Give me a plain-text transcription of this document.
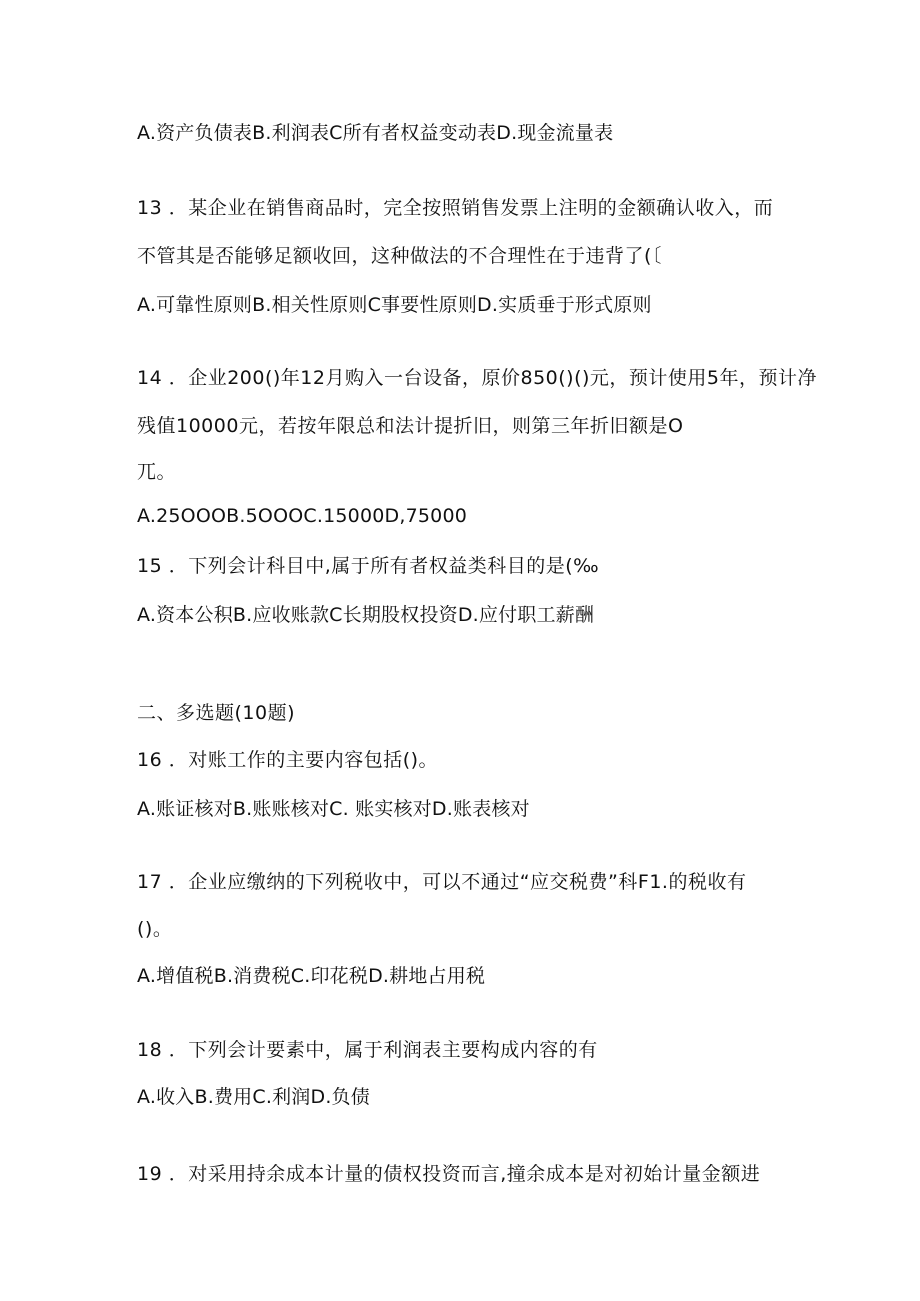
A.资产负债表B.利润表C所有者权益变动表D.现金流量表
13 ．某企业在销售商品时，完全按照销售发票上注明的金额确认收入，而
不管其是否能够足额收回，这种做法的不合理性在于违背了(〔
A.可靠性原则B.相关性原则C事要性原则D.实质垂于形式原则
14 ．企业200()年12月购入一台设备，原价850()()元，预计使用5年，预计净
残值10000元，若按年限总和法计提折旧，则第三年折旧额是O
兀。
A.25OOOB.5OOOC.15000D,75000
15 ．下列会计科目中,属于所有者权益类科目的是(‰
A.资本公积B.应收账款C长期股权投资D.应付职工薪酬
二、多选题(10题)
16 ．对账工作的主要内容包括()。
A.账证核对B.账账核对C. 账实核对D.账表核对
17 ．企业应缴纳的下列税收中，可以不通过“应交税费”科F1.的税收有
()。
A.增值税B.消费税C.印花税D.耕地占用税
18 ．下列会计要素中，属于利润表主要构成内容的有
A.收入B.费用C.利润D.负债
19 ．对采用持余成本计量的债权投资而言,撞余成本是对初始计量金额进
